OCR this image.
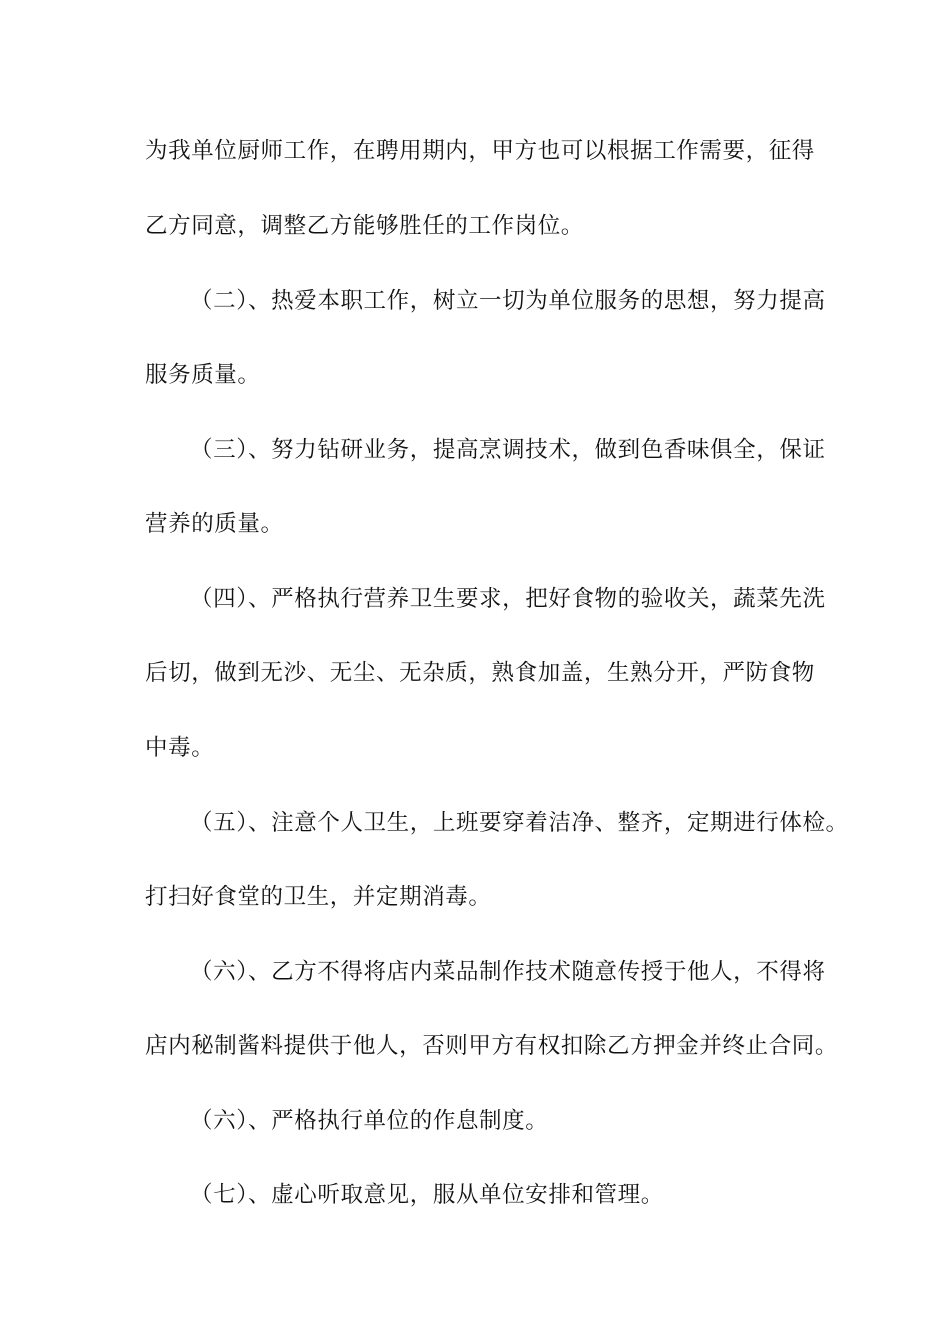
为我单位厨师工作，在聘用期内，甲方也可以根据工作需要，征得
乙方同意，调整乙方能够胜任的工作岗位。
（二）、热爱本职工作，树立一切为单位服务的思想，努力提高
服务质量。
（三）、努力钻研业务，提高烹调技术，做到色香味俱全，保证
营养的质量。
（四）、严格执行营养卫生要求，把好食物的验收关，蔬菜先洗
后切，做到无沙、无尘、无杂质，熟食加盖，生熟分开，严防食物
中毒。
（五）、注意个人卫生，上班要穿着洁净、整齐，定期进行体检。
打扫好食堂的卫生，并定期消毒。
（六）、乙方不得将店内菜品制作技术随意传授于他人，不得将
店内秘制酱料提供于他人，否则甲方有权扣除乙方押金并终止合同。
（六）、严格执行单位的作息制度。
（七）、虚心听取意见，服从单位安排和管理。
